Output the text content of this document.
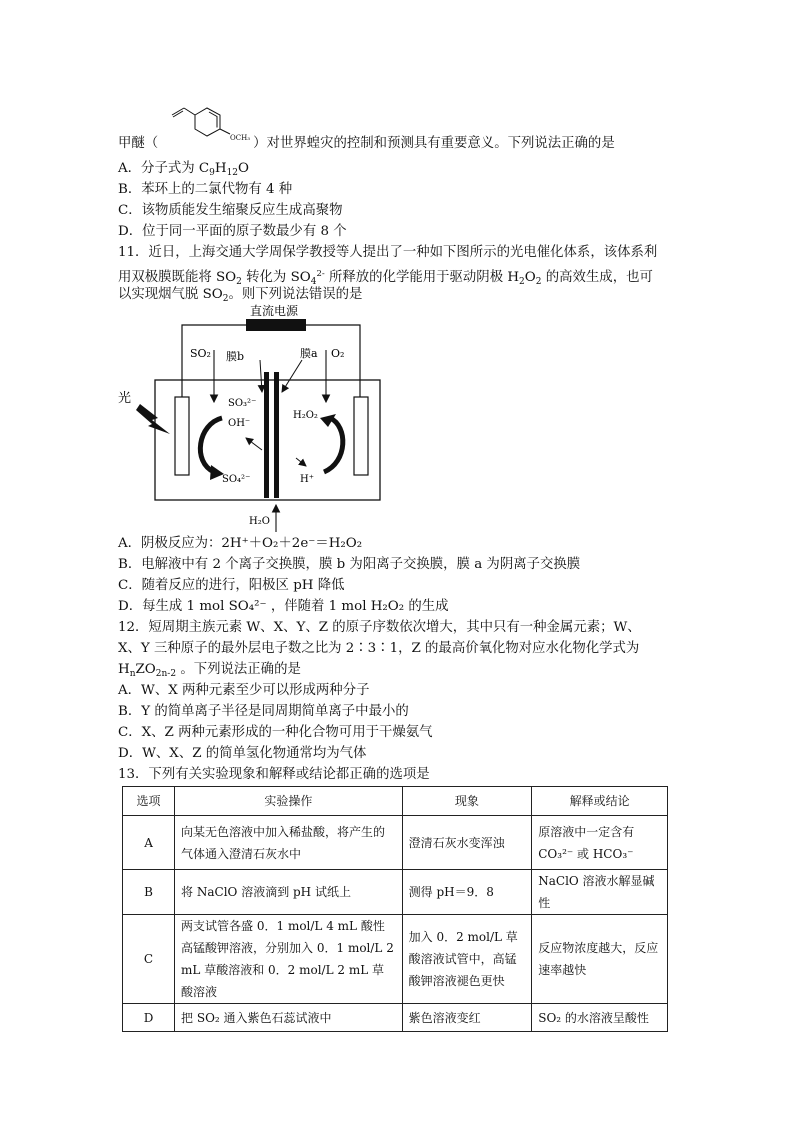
OCH₃
甲醚（	）对世界蝗灾的控制和预测具有重要意义。下列说法正确的是
A．分子式为 $C_9H_{12}O$
B．苯环上的二氯代物有 4 种
C．该物质能发生缩聚反应生成高聚物
D．位于同一平面的原子数最少有 8 个
11．近日，上海交通大学周保学教授等人提出了一种如下图所示的光电催化体系，该体系利
用双极膜既能将 $SO_2$ 转化为 $SO_4^{2-}$ 所释放的化学能用于驱动阴极 $H_2O_2$ 的高效生成，也可
以实现烟气脱 $SO_2$。则下列说法错误的是
直流电源
SO₂	O₂
膜b	膜a
光	SO₃²⁻
OH⁻
SO₄²⁻
H₂O₂
H⁺
H₂O
A．阴极反应为：2H⁺＋O₂＋2e⁻＝H₂O₂
B．电解液中有 2 个离子交换膜，膜 b 为阳离子交换膜，膜 a 为阴离子交换膜
C．随着反应的进行，阳极区 pH 降低
D．每生成 1 mol SO₄²⁻ ，伴随着 1 mol H₂O₂ 的生成
12．短周期主族元素 W、X、Y、Z 的原子序数依次增大，其中只有一种金属元素；W、
X、Y 三种原子的最外层电子数之比为 2∶3∶1，Z 的最高价氧化物对应水化物化学式为
$H_nZO_{2n-2}$ 。下列说法正确的是
A．W、X 两种元素至少可以形成两种分子
B．Y 的简单离子半径是同周期简单离子中最小的
C．X、Z 两种元素形成的一种化合物可用于干燥氨气
D．W、X、Z 的简单氢化物通常均为气体
13．下列有关实验现象和解释或结论都正确的选项是
选项	实验操作	现象	解释或结论
A	向某无色溶液中加入稀盐酸，将产生的气体通入澄清石灰水中	澄清石灰水变浑浊	原溶液中一定含有 CO₃²⁻ 或 HCO₃⁻
B	将 NaClO 溶液滴到 pH 试纸上	测得 pH＝9．8	NaClO 溶液水解显碱性
C	两支试管各盛 0．1 mol/L 4 mL 酸性高锰酸钾溶液，分别加入 0．1 mol/L 2 mL 草酸溶液和 0．2 mol/L 2 mL 草酸溶液	加入 0．2 mol/L 草酸溶液试管中，高锰酸钾溶液褪色更快	反应物浓度越大，反应速率越快
D	把 SO₂ 通入紫色石蕊试液中	紫色溶液变红	SO₂ 的水溶液呈酸性
